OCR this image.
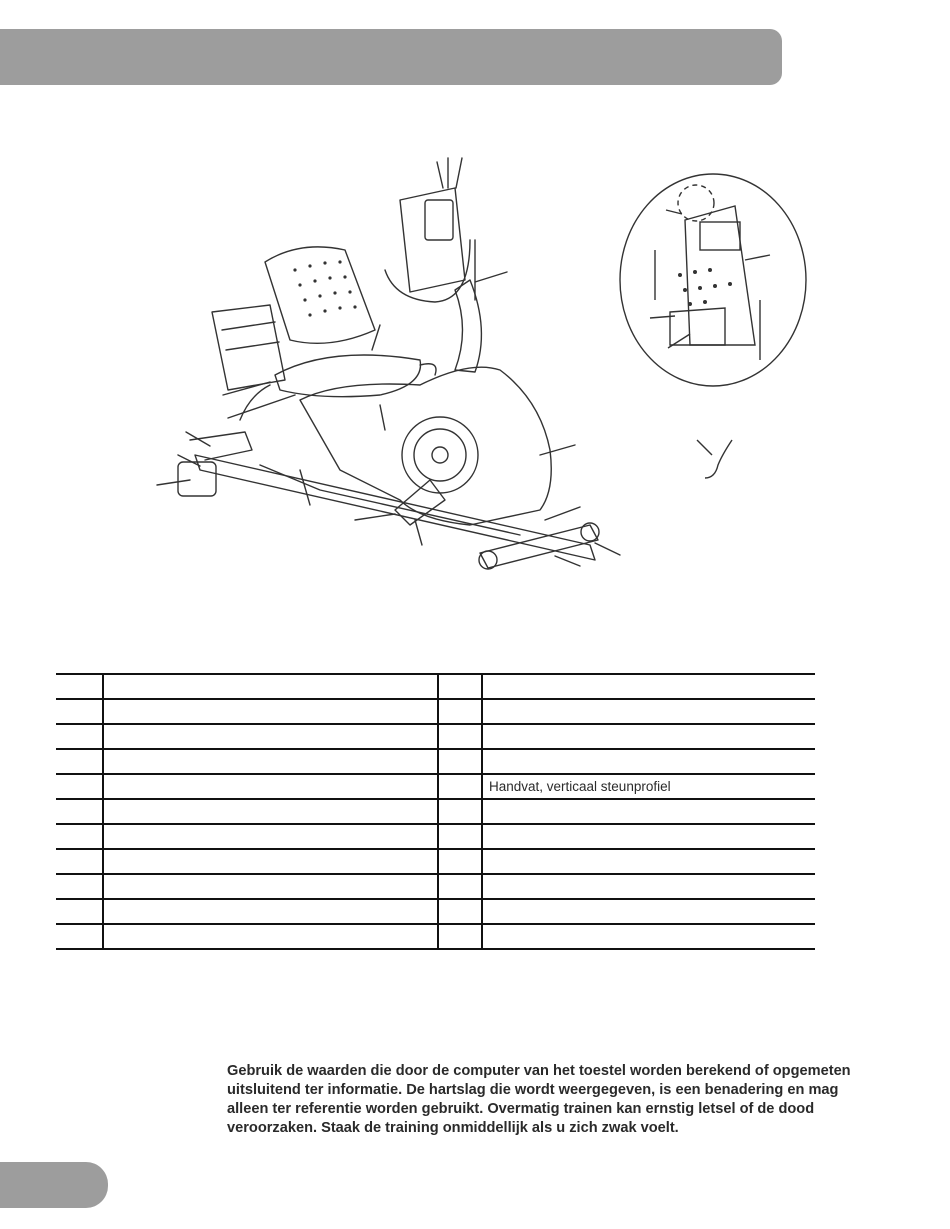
			Handvat, verticaal steunprofiel

Gebruik de waarden die door de computer van het toestel worden berekend of opgemeten uitsluitend ter informatie. De hartslag die wordt weergegeven, is een benadering en mag alleen ter referentie worden gebruikt. Overmatig trainen kan ernstig letsel of de dood veroorzaken. Staak de training onmiddellijk als u zich zwak voelt.
